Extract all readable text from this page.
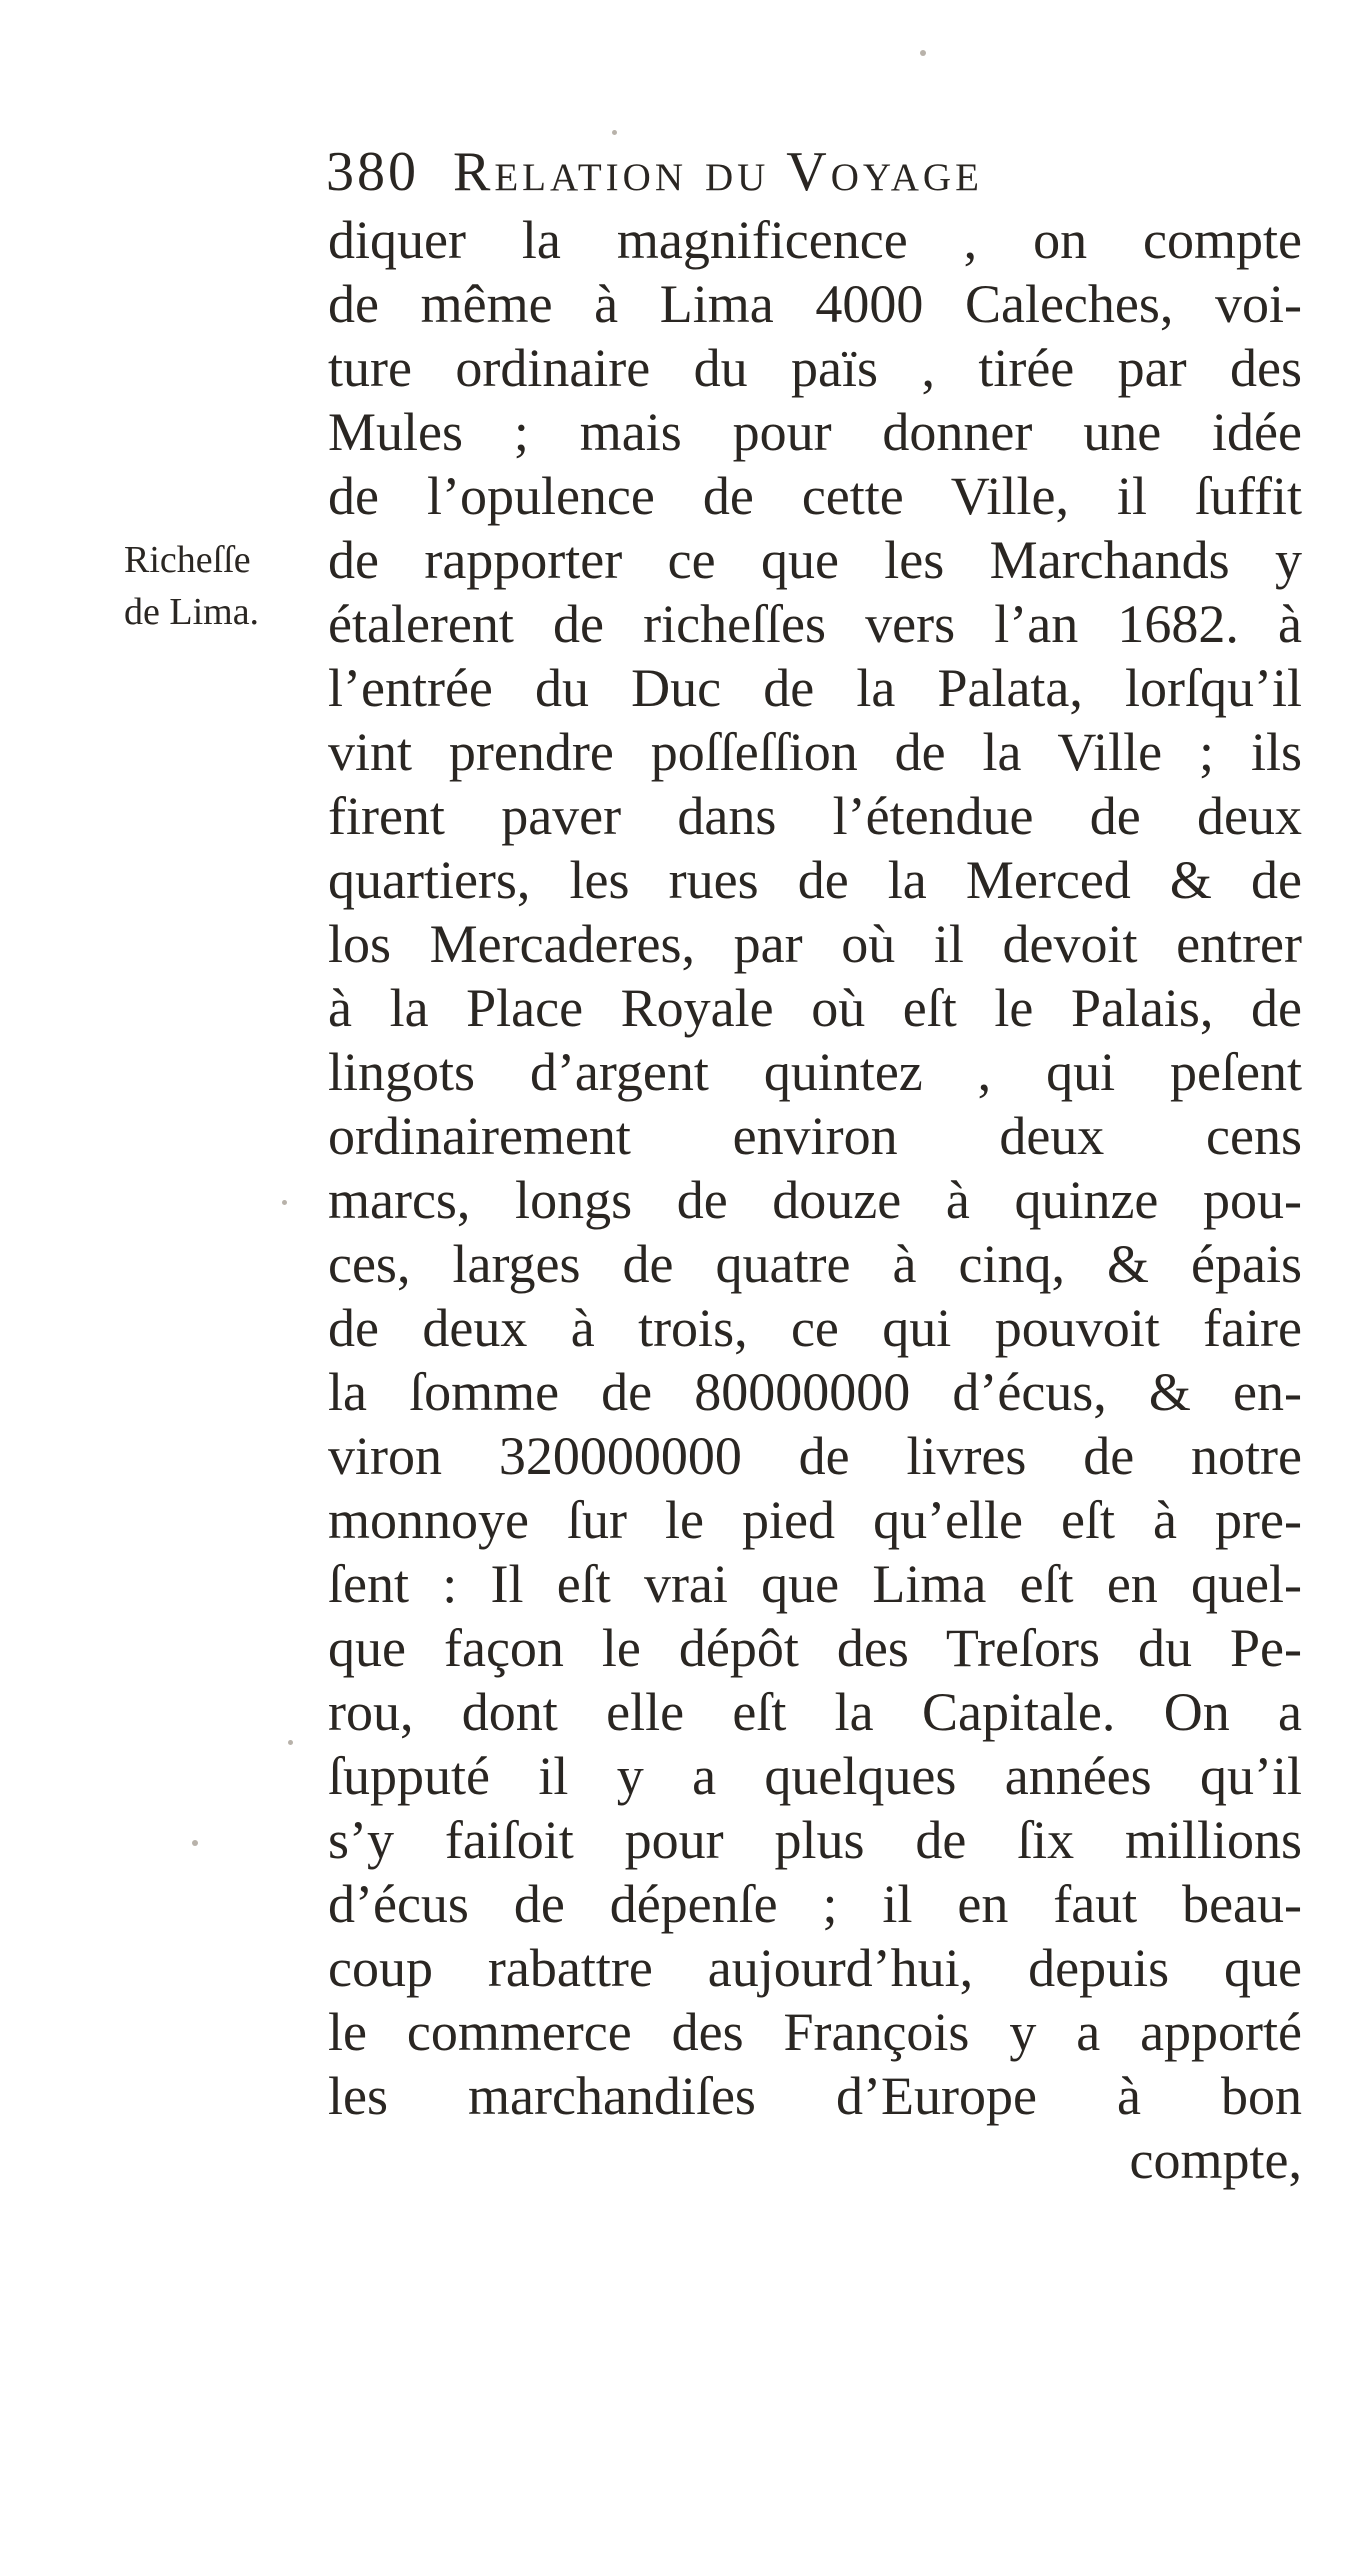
380 Relation du Voyage
Richeſſe
de Lima.
diquer la magnificence , on compte
de même à Lima 4000 Caleches, voi-
ture ordinaire du païs , tirée par des
Mules ; mais pour donner une idée
de l’opulence de cette Ville, il ſuffit
de rapporter ce que les Marchands y
étalerent de richeſſes vers l’an 1682. à
l’entrée du Duc de la Palata, lorſqu’il
vint prendre poſſeſſion de la Ville ; ils
firent paver dans l’étendue de deux
quartiers, les rues de la Merced & de
los Mercaderes, par où il devoit entrer
à la Place Royale où eſt le Palais, de
lingots d’argent quintez , qui peſent
ordinairement environ deux cens
marcs, longs de douze à quinze pou-
ces, larges de quatre à cinq, & épais
de deux à trois, ce qui pouvoit faire
la ſomme de 80000000 d’écus, & en-
viron 320000000 de livres de notre
monnoye ſur le pied qu’elle eſt à pre-
ſent : Il eſt vrai que Lima eſt en quel-
que façon le dépôt des Treſors du Pe-
rou, dont elle eſt la Capitale. On a
ſupputé il y a quelques années qu’il
s’y faiſoit pour plus de ſix millions
d’écus de dépenſe ; il en faut beau-
coup rabattre aujourd’hui, depuis que
le commerce des François y a apporté
les marchandiſes d’Europe à bon
compte,
